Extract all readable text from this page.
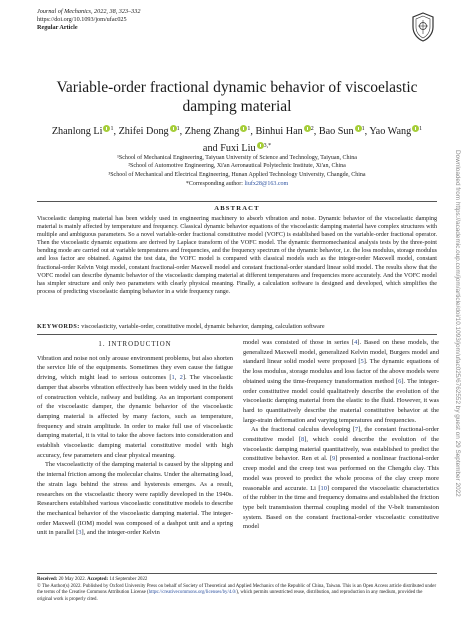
Journal of Mechanics, 2022, 38, 323–332
https://doi.org/10.1093/jom/ufac025
Regular Article
Variable-order fractional dynamic behavior of viscoelastic damping material
Zhanlong Li $^1$, Zhifei Dong $^1$, Zheng Zhang $^1$, Binhui Han $^2$, Bao Sun $^1$, Yao Wang $^1$
and Fuxi Liu $^{3,*}$
¹School of Mechanical Engineering, Taiyuan University of Science and Technology, Taiyuan, China
²School of Automotive Engineering, Xi'an Aeronautical Polytechnic Institute, Xi'an, China
³School of Mechanical and Electrical Engineering, Hunan Applied Technology University, Changde, China
*Corresponding author: liufx28@163.com
ABSTRACT

Viscoelastic damping material has been widely used in engineering machinery to absorb vibration and noise. Dynamic behavior of the viscoelastic damping material is mainly affected by temperature and frequency. Classical dynamic behavior equations of the viscoelastic damping material have complex structures with multiple and ambiguous parameters. So a novel variable-order fractional constitutive model (VOFC) is established based on the variable-order fractional operator. Then the viscoelastic dynamic equations are derived by Laplace transform of the VOFC model. The dynamic thermomechanical analysis tests by the three-point bending mode are carried out at variable temperatures and frequencies, and the frequency spectrum of the dynamic behavior, i.e. the loss modulus, storage modulus and loss factor are obtained. Against the test data, the VOFC model is compared with classical models such as the integer-order Maxwell model, constant fractional-order Kelvin Voigt model, constant fractional-order Maxwell model and constant fractional-order standard linear solid model. The results show that the VOFC model can describe dynamic behavior of the viscoelastic damping material at different temperatures and frequencies more accurately. And the VOFC model has simpler structure and only two parameters with clearly physical meaning. Finally, a calculation software is designed and developed, which simplifies the process of predicting viscoelastic damping behavior in a wide frequency range.

KEYWORDS: viscoelasticity, variable-order, constitutive model, dynamic behavior, damping, calculation software
1. INTRODUCTION

Vibration and noise not only arouse environment problems, but also shorten the service life of the equipments. Sometimes they even cause the fatigue driving, which might lead to serious outcomes [1, 2]. The viscoelastic damper that absorbs vibration effectively has been widely used in the fields of construction vehicle, railway and building. As an important component of the viscoelastic damper, the dynamic behavior of the viscoelastic damping material is affected by many factors, such as temperature, frequency and strain amplitude. In order to make full use of viscoelastic damping material, it is vital to take the above factors into consideration and establish viscoelastic damping material constitutive model with high accuracy, few parameters and clear physical meaning.

The viscoelasticity of the damping material is caused by the slipping and the internal friction among the molecular chains. Under the alternating load, the strain lags behind the stress and hysteresis emerges. As a result, researches on the viscoelastic theory were rapidly developed in the 1940s. Researchers established various viscoelastic constitutive models to describe the mechanical behavior of the viscoelastic damping material. The integer-order Maxwell (IOM) model was composed of a dashpot unit and a spring unit in parallel [3], and the integer-order Kelvin

model was consisted of those in series [4]. Based on these models, the generalized Maxwell model, generalized Kelvin model, Burgers model and standard linear solid model were proposed [5]. The dynamic equations of the loss modulus, storage modulus and loss factor of the above models were obtained using the time-frequency transformation method [6]. The integer-order constitutive model could qualitatively describe the evolution of the viscoelastic damping material from the elastic to the fluid. However, it was hard to quantitatively describe the material constitutive behavior at the large-strain deformation and varying temperatures and frequencies.

As the fractional calculus developing [7], the constant fractional-order constitutive model [8], which could describe the evolution of the viscoelastic damping material quantitatively, was established to predict the constitutive behavior. Ren et al. [9] presented a nonlinear fractional-order creep model and the creep test was performed on the Chengdu clay. This model was proved to predict the whole process of the clay creep more reasonable and accurate. Li [10] compared the viscoelastic characteristics of the rubber in the time and frequency domains and established the friction type belt transmission thermal coupling model of the V-belt transmission system. Based on the constant fractional-order viscoelastic constitutive model

Received: 20 May 2022. Accepted: 14 September 2022
© The Author(s) 2022. Published by Oxford University Press on behalf of Society of Theoretical and Applied Mechanics of the Republic of China, Taiwan. This is an Open Access article distributed under the terms of the Creative Commons Attribution License (https://creativecommons.org/licenses/by/4.0/), which permits unrestricted reuse, distribution, and reproduction in any medium, provided the original work is properly cited.
Downloaded from https://academic.oup.com/jom/article/doi/10.1093/jom/ufac025/6762552 by guest on 29 September 2022
